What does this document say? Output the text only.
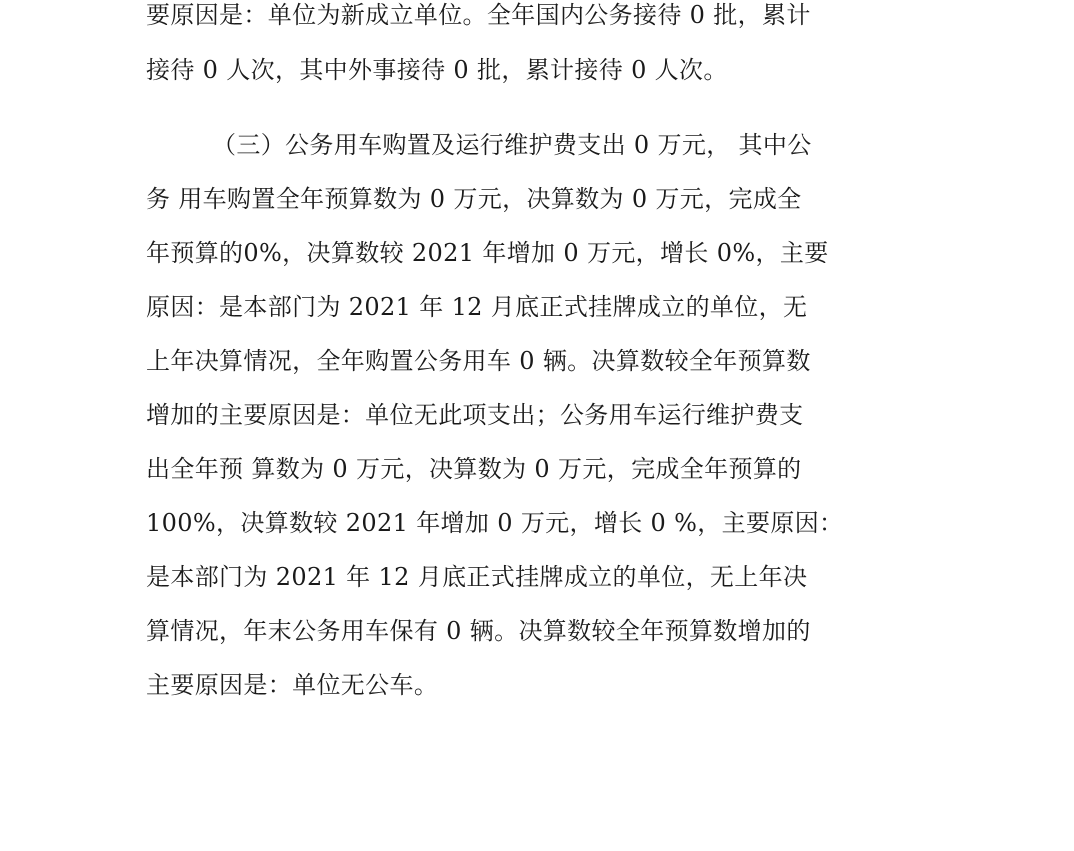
要原因是：单位为新成立单位。全年国内公务接待 0 批，累计
接待 0 人次，其中外事接待 0 批，累计接待 0 人次。
（三）公务用车购置及运行维护费支出 0 万元， 其中公
务 用车购置全年预算数为 0 万元，决算数为 0 万元，完成全
年预算的0%，决算数较 2021 年增加 0 万元，增长 0%，主要
原因：是本部门为 2021 年 12 月底正式挂牌成立的单位，无
上年决算情况，全年购置公务用车 0 辆。决算数较全年预算数
增加的主要原因是：单位无此项支出；公务用车运行维护费支
出全年预 算数为 0 万元，决算数为 0 万元，完成全年预算的
100%，决算数较 2021 年增加 0 万元，增长 0 %，主要原因：
是本部门为 2021 年 12 月底正式挂牌成立的单位，无上年决
算情况，年末公务用车保有 0 辆。决算数较全年预算数增加的
主要原因是：单位无公车。
